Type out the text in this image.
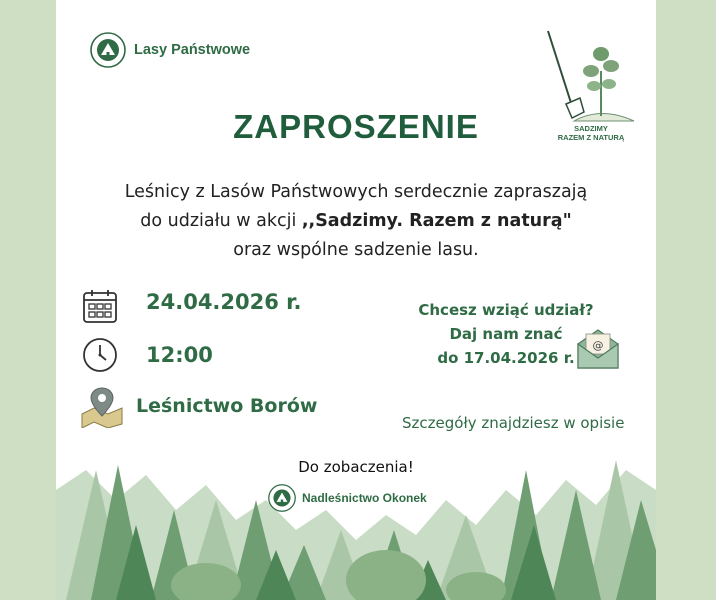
Lasy Państwowe
SADZIMY
RAZEM Z NATURĄ
ZAPROSZENIE
Leśnicy z Lasów Państwowych serdecznie zapraszają
do udziału w akcji ,,Sadzimy. Razem z naturą"
oraz wspólne sadzenie lasu.
24.04.2026 r.
12:00
Leśnictwo Borów
Chcesz wziąć udział?
Daj nam znać
do 17.04.2026 r.
@
Szczegóły znajdziesz w opisie
Do zobaczenia!
Nadleśnictwo Okonek
